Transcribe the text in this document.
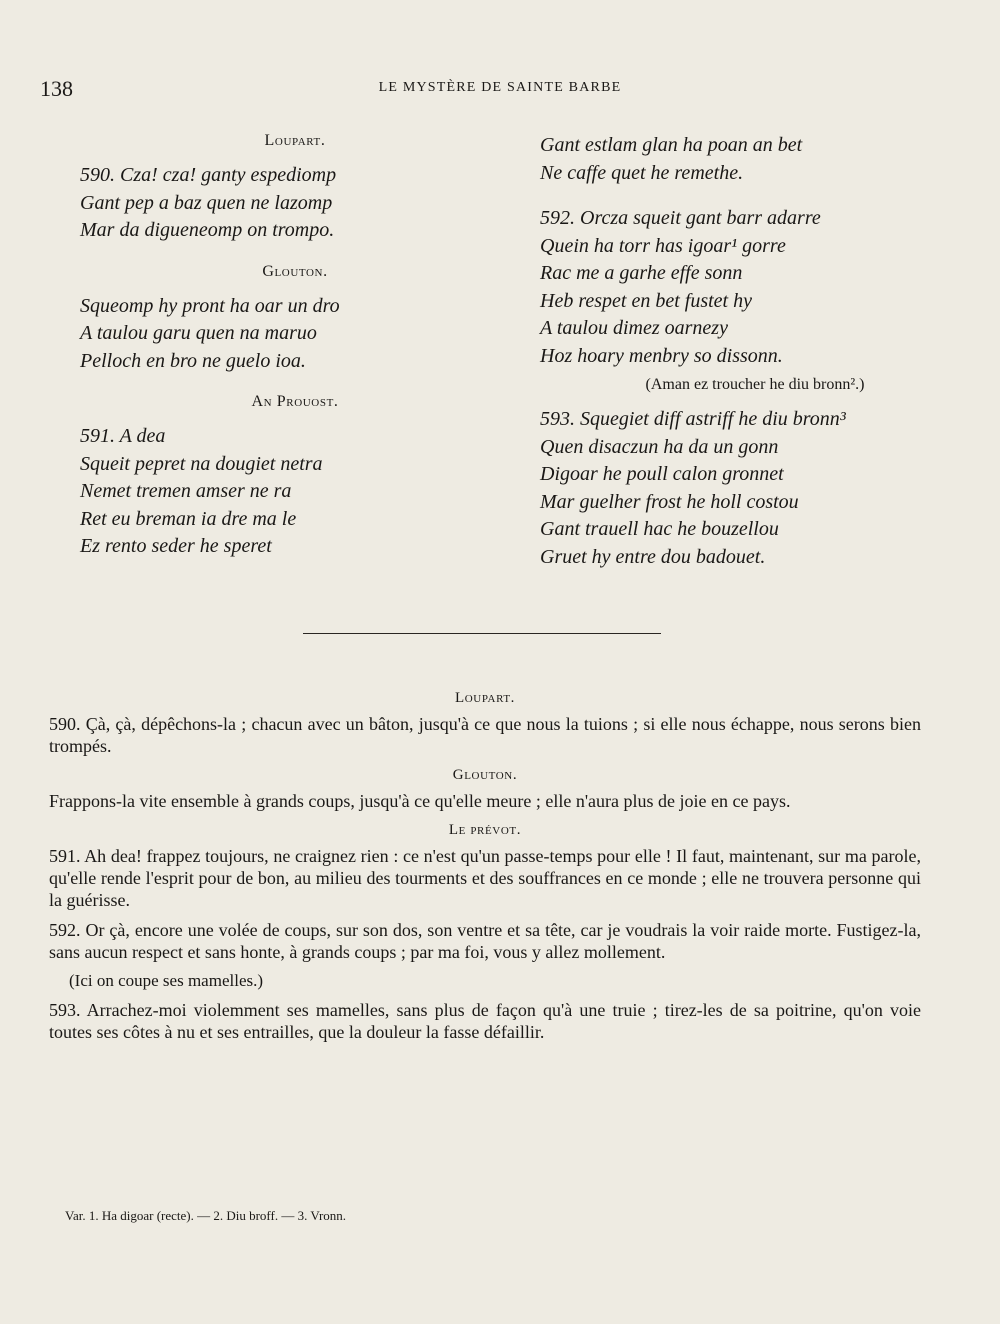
138	LE MYSTÈRE DE SAINTE BARBE
Loupart.
590. Cza! cza! ganty espediomp
Gant pep a baz quen ne lazomp
Mar da digueneomp on trompo.
Glouton.
Squeomp hy pront ha oar un dro
A taulou garu quen na maruo
Pelloch en bro ne guelo ioa.
An Prouost.
591. A dea
Squeit pepret na dougiet netra
Nemet tremen amser ne ra
Ret eu breman ia dre ma le
Ez rento seder he speret
Gant estlam glan ha poan an bet
Ne caffe quet he remethe.
592. Orcza squeit gant barr adarre
Quein ha torr has igoar¹ gorre
Rac me a garhe effe sonn
Heb respet en bet fustet hy
A taulou dimez oarnezy
Hoz hoary menbry so dissonn.
(Aman ez troucher he diu bronn².)
593. Squegiet diff astriff he diu bronn³
Quen disaczun ha da un gonn
Digoar he poull calon gronnet
Mar guelher frost he holl costou
Gant trauell hac he bouzellou
Gruet hy entre dou badouet.
Loupart.
590. Çà, çà, dépêchons-la ; chacun avec un bâton, jusqu'à ce que nous la tuions ; si elle nous échappe, nous serons bien trompés.
Glouton.
Frappons-la vite ensemble à grands coups, jusqu'à ce qu'elle meure ; elle n'aura plus de joie en ce pays.
Le prévot.
591. Ah dea! frappez toujours, ne craignez rien : ce n'est qu'un passe-temps pour elle ! Il faut, maintenant, sur ma parole, qu'elle rende l'esprit pour de bon, au milieu des tourments et des souffrances en ce monde ; elle ne trouvera personne qui la guérisse.
592. Or çà, encore une volée de coups, sur son dos, son ventre et sa tête, car je voudrais la voir raide morte. Fustigez-la, sans aucun respect et sans honte, à grands coups ; par ma foi, vous y allez mollement.
(Ici on coupe ses mamelles.)
593. Arrachez-moi violemment ses mamelles, sans plus de façon qu'à une truie ; tirez-les de sa poitrine, qu'on voie toutes ses côtes à nu et ses entrailles, que la douleur la fasse défaillir.
Var. 1. Ha digoar (recte). — 2. Diu broff. — 3. Vronn.
